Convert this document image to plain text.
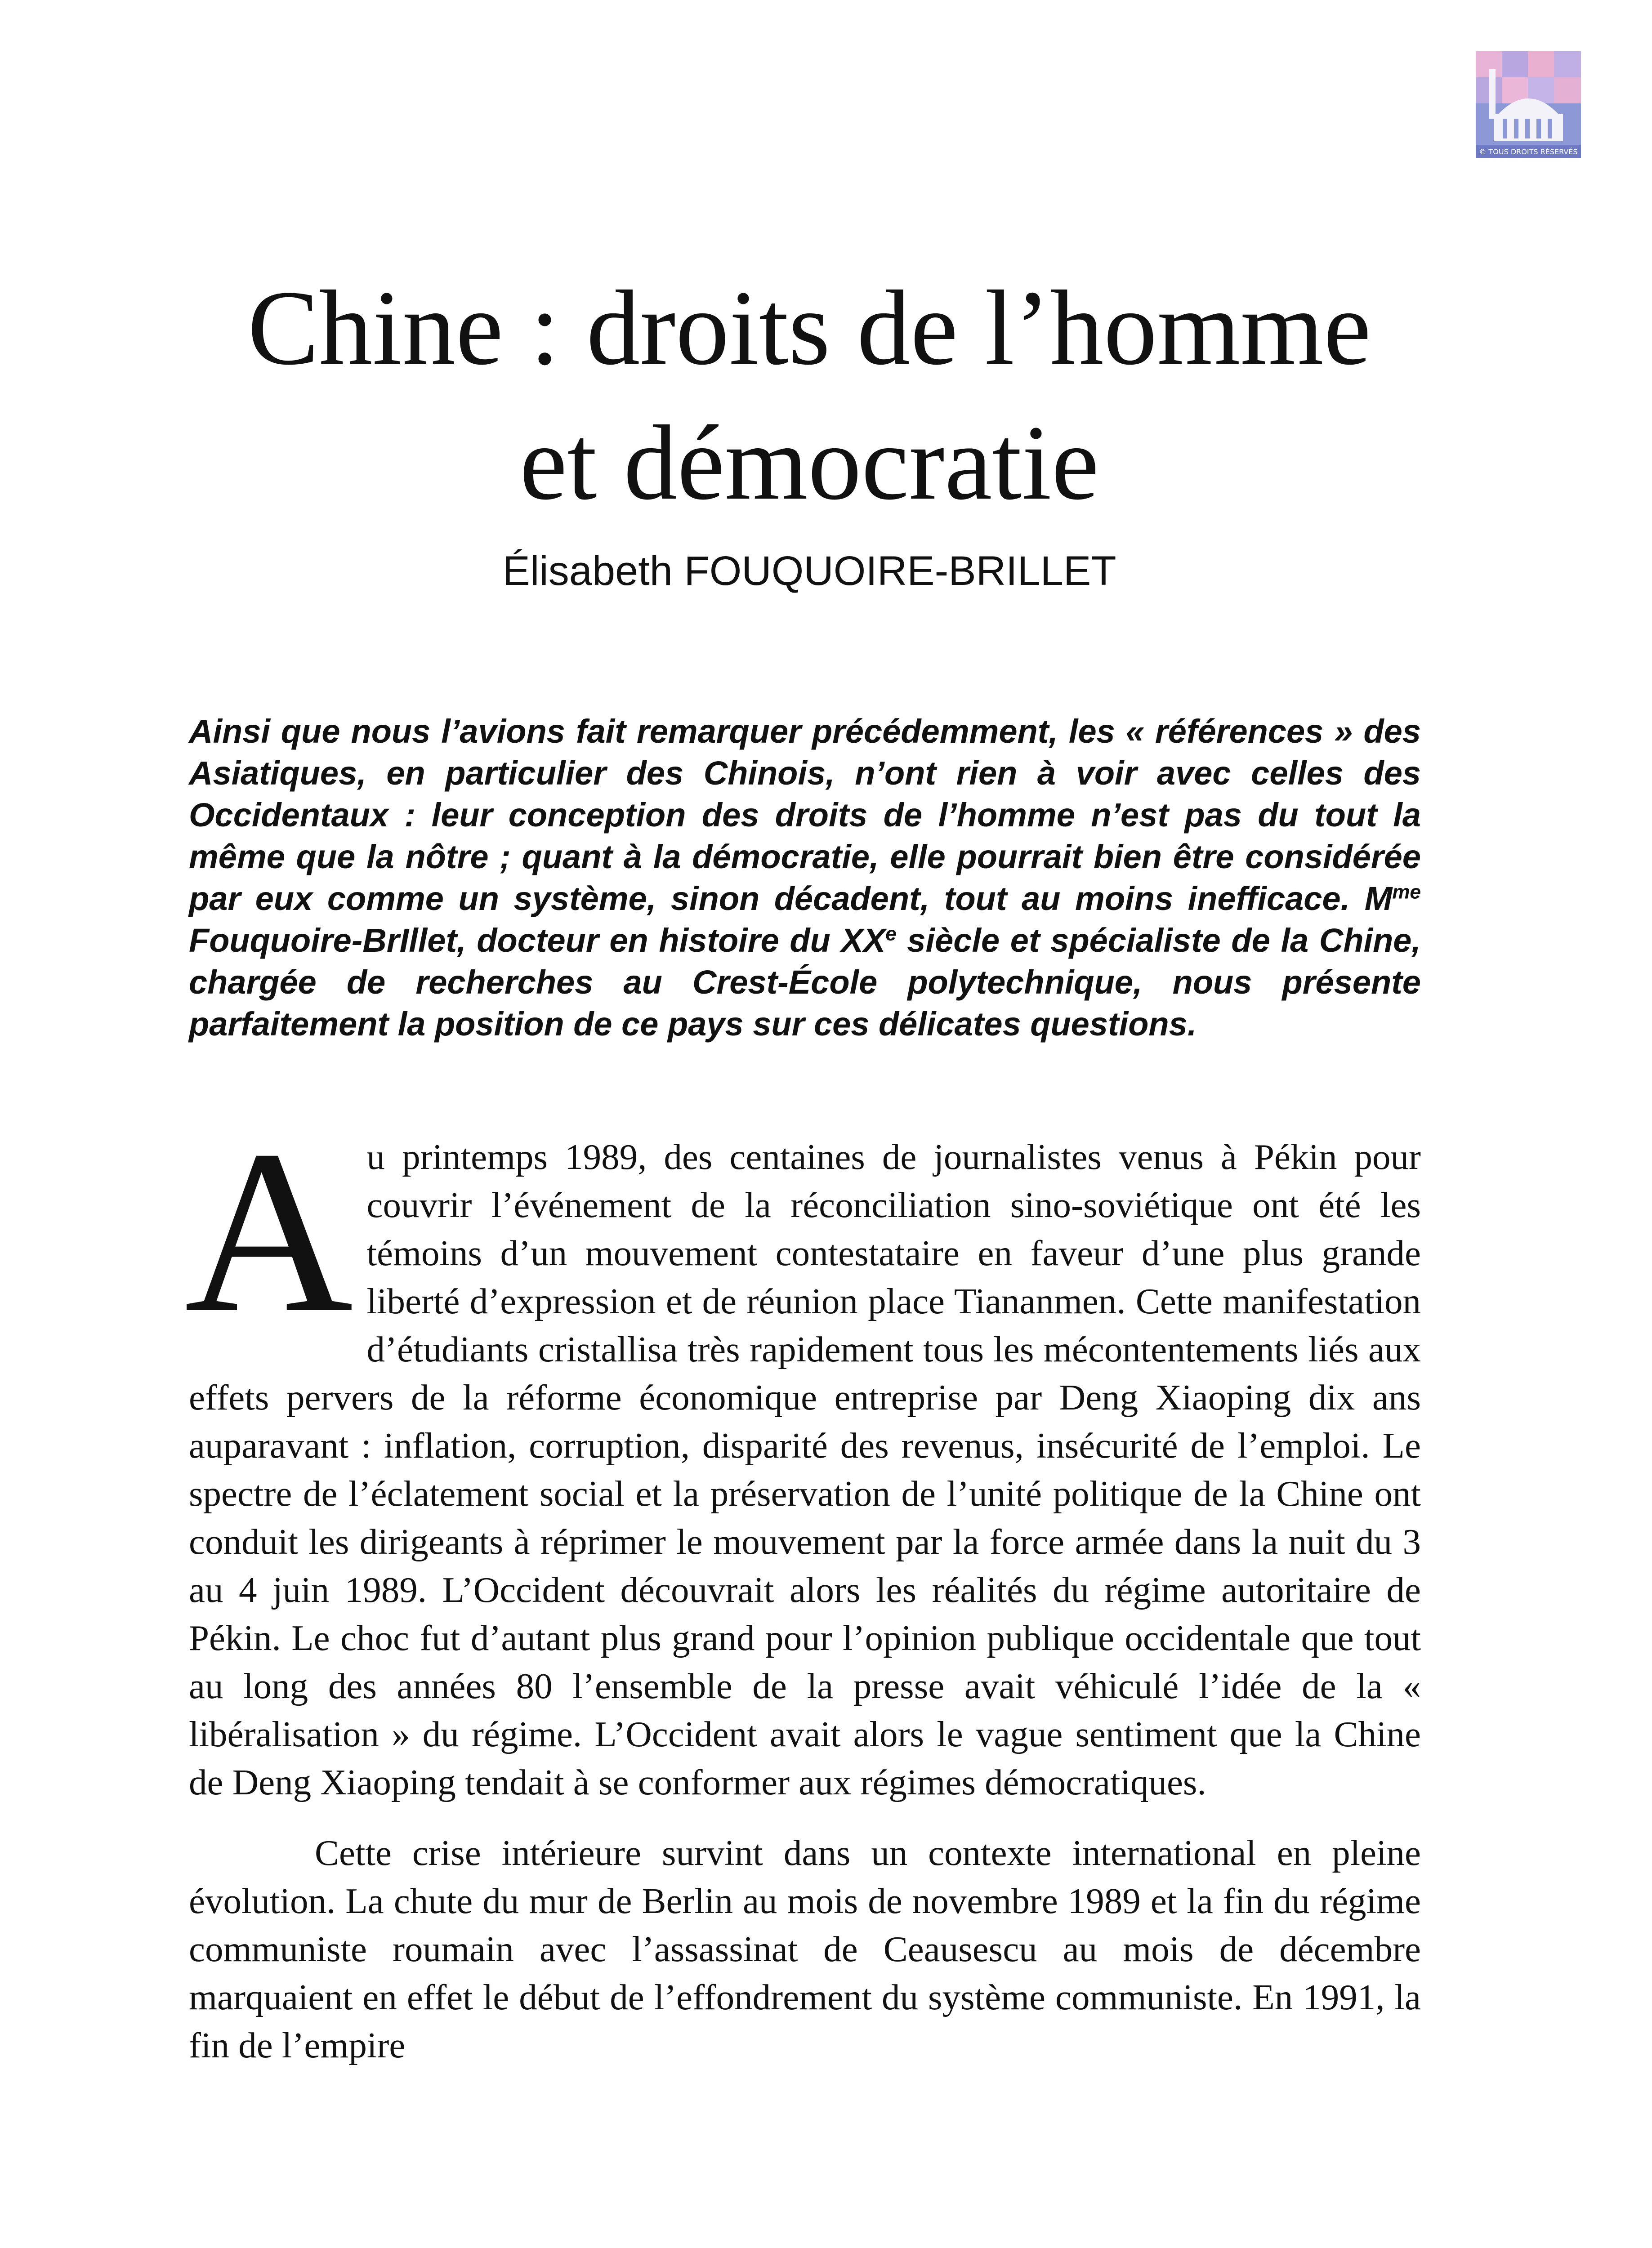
© TOUS DROITS RÉSERVÉS
Chine : droits de l’homme
et démocratie
Élisabeth FOUQUOIRE-BRILLET
Ainsi que nous l’avions fait remarquer précédemment, les « références » des Asiatiques, en particulier des Chinois, n’ont rien à voir avec celles des Occidentaux : leur conception des droits de l’homme n’est pas du tout la même que la nôtre ; quant à la démocratie, elle pourrait bien être considérée par eux comme un système, sinon décadent, tout au moins inefficace. $M^{me}$ Fouquoire-BrIllet, docteur en histoire du XXe siècle et spécialiste de la Chine, chargée de recherches au Crest-École polytechnique, nous présente parfaitement la position de ce pays sur ces délicates questions.

Au printemps 1989, des centaines de journalistes venus à Pékin pour couvrir l’événement de la réconciliation sino-soviétique ont été les témoins d’un mouvement contestataire en faveur d’une plus grande liberté d’expression et de réunion place Tiananmen. Cette manifestation d’étudiants cristallisa très rapidement tous les mécontentements liés aux effets pervers de la réforme économique entreprise par Deng Xiaoping dix ans auparavant : inflation, corruption, disparité des revenus, insécurité de l’emploi. Le spectre de l’éclatement social et la préservation de l’unité politique de la Chine ont conduit les dirigeants à réprimer le mouvement par la force armée dans la nuit du 3 au 4 juin 1989. L’Occident découvrait alors les réalités du régime autoritaire de Pékin. Le choc fut d’autant plus grand pour l’opinion publique occidentale que tout au long des années 80 l’ensemble de la presse avait véhiculé l’idée de la « libéralisation » du régime. L’Occident avait alors le vague sentiment que la Chine de Deng Xiaoping tendait à se conformer aux régimes démocratiques.

Cette crise intérieure survint dans un contexte international en pleine évolution. La chute du mur de Berlin au mois de novembre 1989 et la fin du régime communiste roumain avec l’assassinat de Ceausescu au mois de décembre marquaient en effet le début de l’effondrement du système communiste. En 1991, la fin de l’empire
